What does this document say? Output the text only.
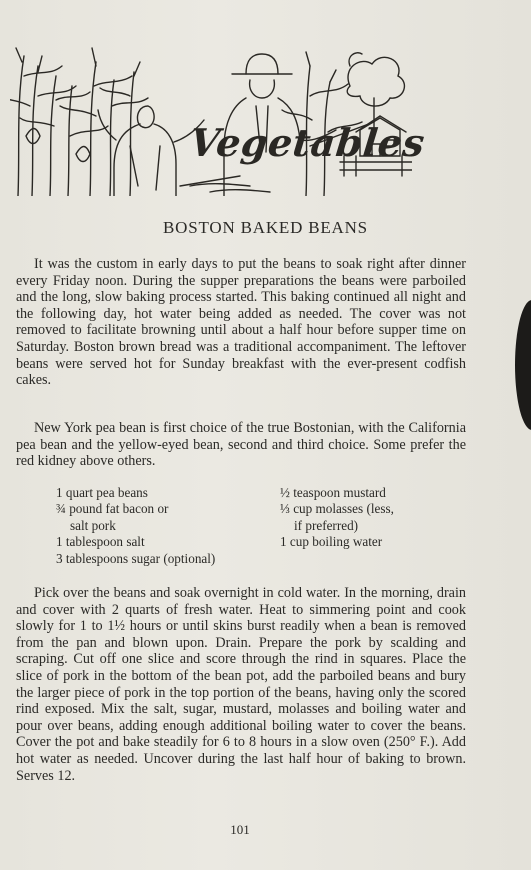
Vegetables
BOSTON BAKED BEANS

It was the custom in early days to put the beans to soak right after dinner every Friday noon. During the supper preparations the beans were parboiled and the long, slow baking process started. This baking continued all night and the following day, hot water being added as needed. The cover was not removed to facilitate browning until about a half hour before supper time on Saturday. Boston brown bread was a traditional accompaniment. The leftover beans were served hot for Sunday breakfast with the ever-present codfish cakes.

New York pea bean is first choice of the true Bostonian, with the California pea bean and the yellow-eyed bean, second and third choice. Some prefer the red kidney above others.

1 quart pea beans
¾ pound fat bacon or
salt pork
1 tablespoon salt
3 tablespoons sugar (optional)
½ teaspoon mustard
⅓ cup molasses (less,
if preferred)
1 cup boiling water

Pick over the beans and soak overnight in cold water. In the morning, drain and cover with 2 quarts of fresh water. Heat to simmering point and cook slowly for 1 to 1½ hours or until skins burst readily when a bean is removed from the pan and blown upon. Drain. Prepare the pork by scalding and scraping. Cut off one slice and score through the rind in squares. Place the slice of pork in the bottom of the bean pot, add the parboiled beans and bury the larger piece of pork in the top portion of the beans, having only the scored rind exposed. Mix the salt, sugar, mustard, molasses and boiling water and pour over beans, adding enough additional boiling water to cover the beans. Cover the pot and bake steadily for 6 to 8 hours in a slow oven (250° F.). Add hot water as needed. Uncover during the last half hour of baking to brown. Serves 12.

101
